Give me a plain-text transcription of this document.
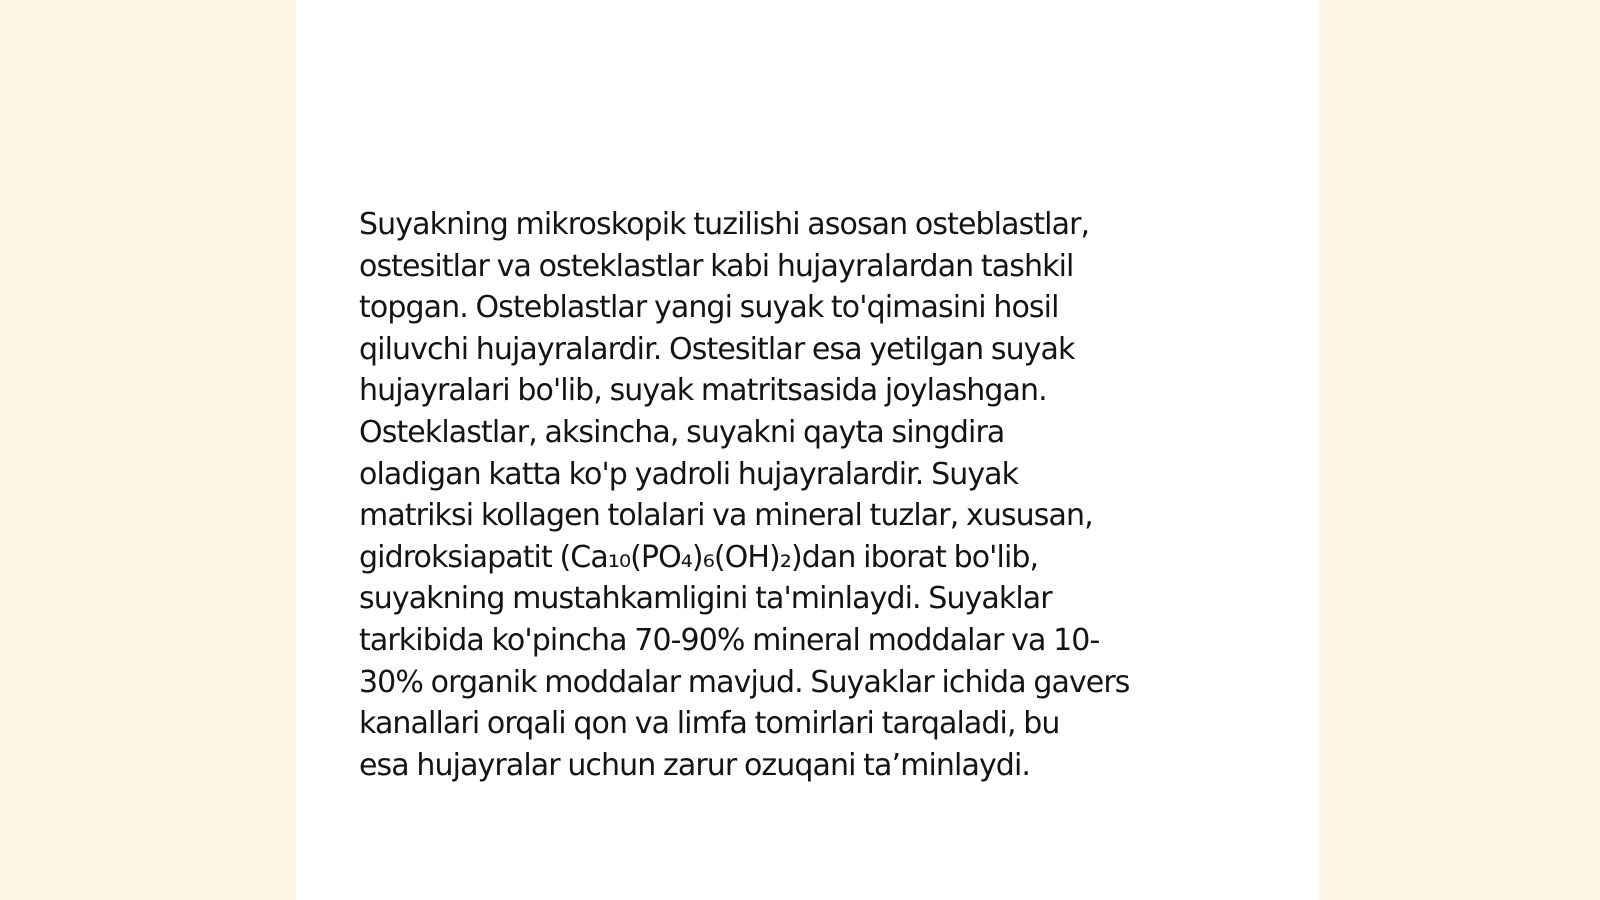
Suyakning mikroskopik tuzilishi asosan osteblastlar,
ostesitlar va osteklastlar kabi hujayralardan tashkil
topgan. Osteblastlar yangi suyak to'qimasini hosil
qiluvchi hujayralardir. Ostesitlar esa yetilgan suyak
hujayralari bo'lib, suyak matritsasida joylashgan.
Osteklastlar, aksincha, suyakni qayta singdira
oladigan katta ko'p yadroli hujayralardir. Suyak
matriksi kollagen tolalari va mineral tuzlar, xususan,
gidroksiapatit (Ca₁₀(PO₄)₆(OH)₂)dan iborat bo'lib,
suyakning mustahkamligini ta'minlaydi. Suyaklar
tarkibida ko'pincha 70-90% mineral moddalar va 10-
30% organik moddalar mavjud. Suyaklar ichida gavers
kanallari orqali qon va limfa tomirlari tarqaladi, bu
esa hujayralar uchun zarur ozuqani ta’minlaydi.
